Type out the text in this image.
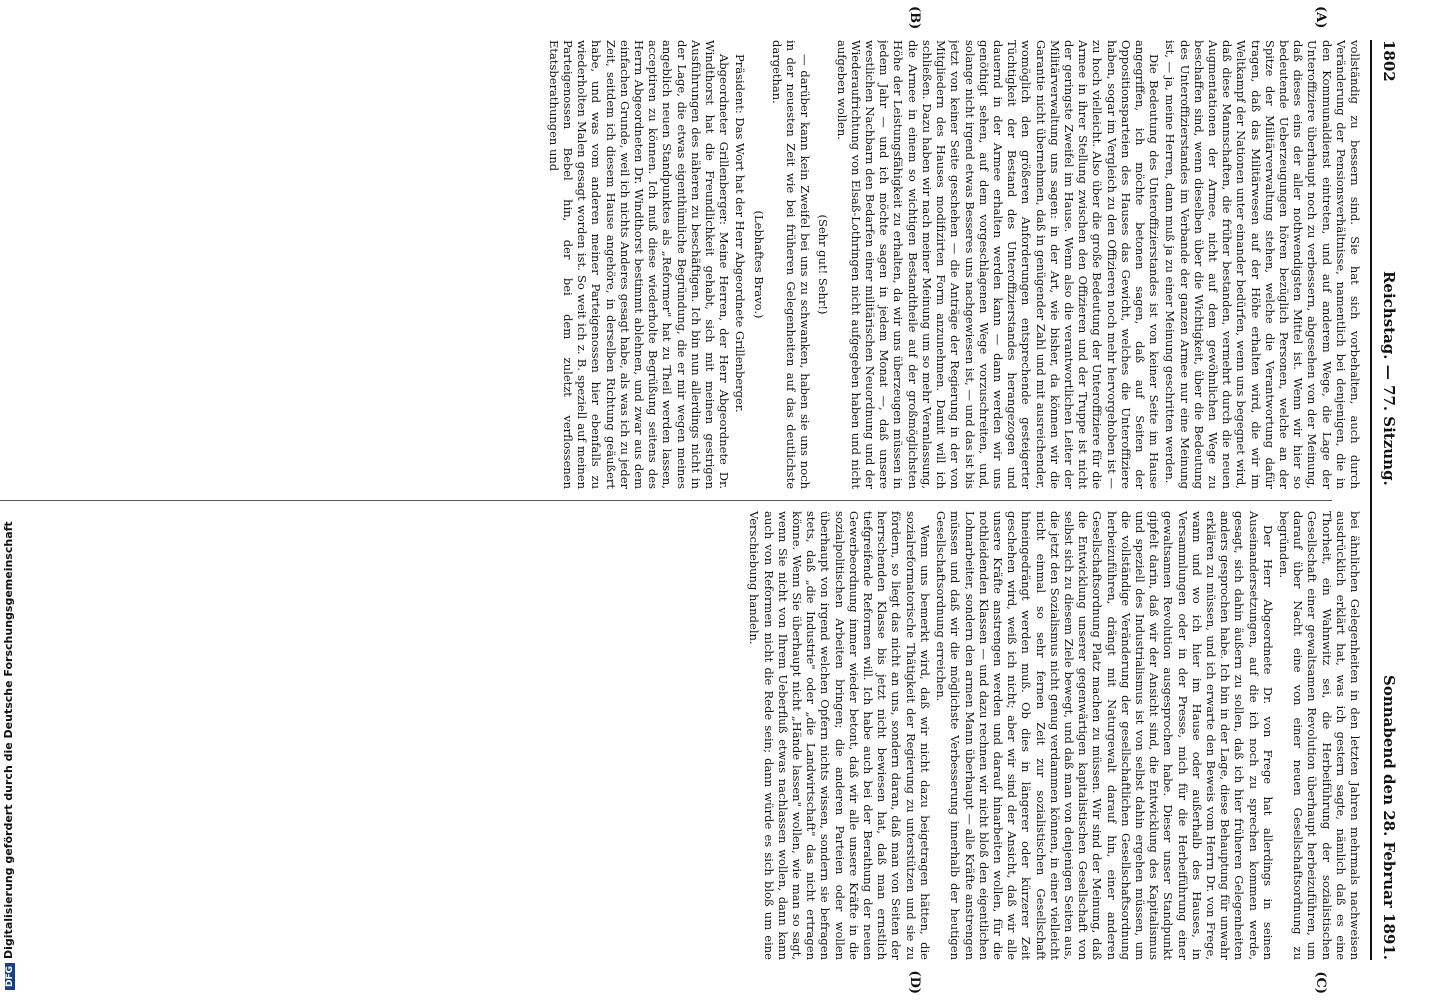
DFGDigitalisierung gefördert durch die Deutsche Forschungsgemeinschaft
1802
Reichstag. — 77. Sitzung.
Sonnabend den 28. Februar 1891.
(A)
(B)
(C)
(D)

vollständig zu bessern sind. Sie hat sich vorbehalten, auch durch Veränderung der Pensionsverhältnisse, namentlich bei denjenigen, die in den Kommunaldienst eintreten, und auf anderem Wege, die Lage der Unteroffiziere überhaupt noch zu verbessern, abgesehen von der Meinung, daß dieses eins der aller nothwendigsten Mittel ist. Wenn wir hier so bedeutende Ueberzeugungen hören bezüglich Personen, welche an der Spitze der Militärverwaltung stehen, welche die Verantwortung dafür tragen, daß das Militärwesen auf der Höhe erhalten wird, die wir im Weltkampf der Nationen unter einander bedürfen, wenn uns begegnet wird, daß diese Mannschaften, die früher bestanden, vermehrt durch die neuen Augmentationen der Armee, nicht auf dem gewöhnlichen Wege zu beschaffen sind, wenn dieselben über die Wichtigkeit, über die Bedeutung des Unteroffizierstandes im Verbande der ganzen Armee nur eine Meinung ist, — ja, meine Herren, dann muß ja zu einer Meinung geschritten werden.

Die Bedeutung des Unteroffizierstandes ist von keiner Seite im Hause angegriffen, ich möchte betonen sagen, daß auf Seiten der Oppositionsparteien des Hauses das Gewicht, welches die Unteroffiziere haben, sogar im Vergleich zu den Offizieren noch mehr hervorgehoben ist — zu hoch vielleicht. Also über die große Bedeutung der Unteroffiziere für die Armee in ihrer Stellung zwischen den Offizieren und der Truppe ist nicht der geringste Zweifel im Hause. Wenn also die verantwortlichen Leiter der Militärverwaltung uns sagen: in der Art, wie bisher, da können wir die Garantie nicht übernehmen, daß in genügender Zahl und mit ausreichender, womöglich den größeren Anforderungen entsprechende gesteigerter Tüchtigkeit der Bestand des Unteroffizierstandes herangezogen und dauernd in der Armee erhalten werden kann — dann werden wir uns genöthigt sehen, auf dem vorgeschlagenen Wege vorzuschreiten, und, solange nicht irgend etwas Besseres uns nachgewiesen ist, — und das ist bis jetzt von keiner Seite geschehen — die Anträge der Regierung in der von Mitgliedern des Hauses modifizirten Form anzunehmen. Damit will ich schließen. Dazu haben wir nach meiner Meinung um so mehr Veranlassung, die Armee in einem so wichtigen Bestandtheile auf der großmöglichsten Höhe der Leistungsfähigkeit zu erhalten, da wir uns überzeugen müssen in jedem Jahr — und ich möchte sagen in jedem Monat —, daß unsere westlichen Nachbarn den Bedarfen einer militärischen Neuordnung und der Wiederaufrichtung von Elsaß-Lothringen nicht aufgegeben haben und nicht aufgeben wollen.

(Sehr gut! Sehr!)

— darüber kann kein Zweifel bei uns zu schwanken, haben sie uns noch in der neuesten Zeit wie bei früheren Gelegenheiten auf das deutlichste dargethan.

(Lebhaftes Bravo.)

Präsident: Das Wort hat der Herr Abgeordnete Grillenberger.

Abgeordneter Grillenberger: Meine Herren, der Herr Abgeordnete Dr. Windthorst hat die Freundlichkeit gehabt, sich mit meinen gestrigen Ausführungen des näheren zu beschäftigen. Ich bin nun allerdings nicht in der Lage, die etwas eigenthümliche Begründung, die er mir wegen meines angeblich neuen Standpunktes als „Reformer" hat zu Theil werden lassen, acceptiren zu können. Ich muß diese wiederholte Begrüßung seitens des Herrn Abgeordneten Dr. Windthorst bestimmt ablehnen, und zwar aus dem einfachen Grunde, weil ich nichts Anderes gesagt habe, als was ich zu jeder Zeit, seitdem ich diesem Hause angehöre, in derselben Richtung geäußert habe, und was vom anderen meiner Parteigenossen hier ebenfalls zu wiederholten Malen gesagt worden ist. So weit ich z. B. speziell auf meinen Parteigenossen Bebel hin, der bei dem zuletzt verflossenen Etatsberathungen und

bei ähnlichen Gelegenheiten in den letzten Jahren mehrmals nachweisen ausdrücklich erklärt hat, was ich gestern sagte, nämlich daß es eine Thorheit, ein Wahnwitz sei, die Herbeiführung der sozialistischen Gesellschaft einer gewaltsamen Revolution überhaupt herbeizuführen, um darauf über Nacht eine von einer neuen Gesellschaftsordnung zu begründen.

Der Herr Abgeordnete Dr. von Frege hat allerdings in seinen Auseinandersetzungen, auf die ich noch zu sprechen kommen werde, gesagt, sich dahin äußern zu sollen, daß ich hier früheren Gelegenheiten anders gesprochen habe. Ich bin in der Lage, diese Behauptung für unwahr erklären zu müssen, und ich erwarte den Beweis vom Herrn Dr. von Frege, wann und wo ich hier im Hause oder außerhalb des Hauses, in Versammlungen oder in der Presse, mich für die Herbeiführung einer gewaltsamen Revolution ausgesprochen habe. Dieser unser Standpunkt gipfelt darin, daß wir der Ansicht sind, die Entwicklung des Kapitalismus und speziell des Industrialismus ist von selbst dahin ergehen müssen, um die vollständige Veränderung der gesellschaftlichen Gesellschaftsordnung herbeizuführen, drängt mit Naturgewalt darauf hin, einer anderen Gesellschaftsordnung Platz machen zu müssen. Wir sind der Meinung, daß die Entwicklung unserer gegenwärtigen kapitalistischen Gesellschaft von selbst sich zu diesem Ziele bewegt, und daß man von denjenigen Seiten aus, die jetzt den Sozialismus nicht genug verdammen können, in einer vielleicht nicht einmal so sehr fernen Zeit zur sozialistischen Gesellschaft hineingedrängt werden muß. Ob dies in längerer oder kürzerer Zeit geschehen wird, weiß ich nicht; aber wir sind der Ansicht, daß wir alle unsere Kräfte anstrengen werden und darauf hinarbeiten wollen, für die nothleidenden Klassen — und dazu rechnen wir nicht bloß den eigentlichen Lohnarbeiter, sondern den armen Mann überhaupt — alle Kräfte anstrengen müssen und daß wir die möglichste Verbesserung innerhalb der heutigen Gesellschaftsordnung erreichen.

Wenn uns bemerkt wird, daß wir nicht dazu beigetragen hätten, die sozialreformatorische Thätigkeit der Regierung zu unterstützen und sie zu fördern, so liegt das nicht an uns, sondern daran, daß man von Seiten der herrschenden Klasse bis jetzt nicht bewiesen hat, daß man ernstlich tiefgreifende Reformen will. Ich habe auch bei der Berathung der neuen Gewerbeordnung immer wieder betont, daß wir alle unsere Kräfte in die sozialpolitischen Arbeiten bringen; die anderen Parteien oder wollen überhaupt von irgend welchen Opfern nichts wissen, sondern sie befragen stets, daß „die Industrie" oder „die Landwirtschaft" das nicht ertragen könne. Wenn Sie überhaupt nicht „Hände lassen" wollen, wie man so sagt, wenn Sie nicht von Ihrem Ueberfluß etwas nachlassen wollen, dann kann auch von Reformen nicht die Rede sein; dann würde es sich bloß um eine Verschiebung handeln.
